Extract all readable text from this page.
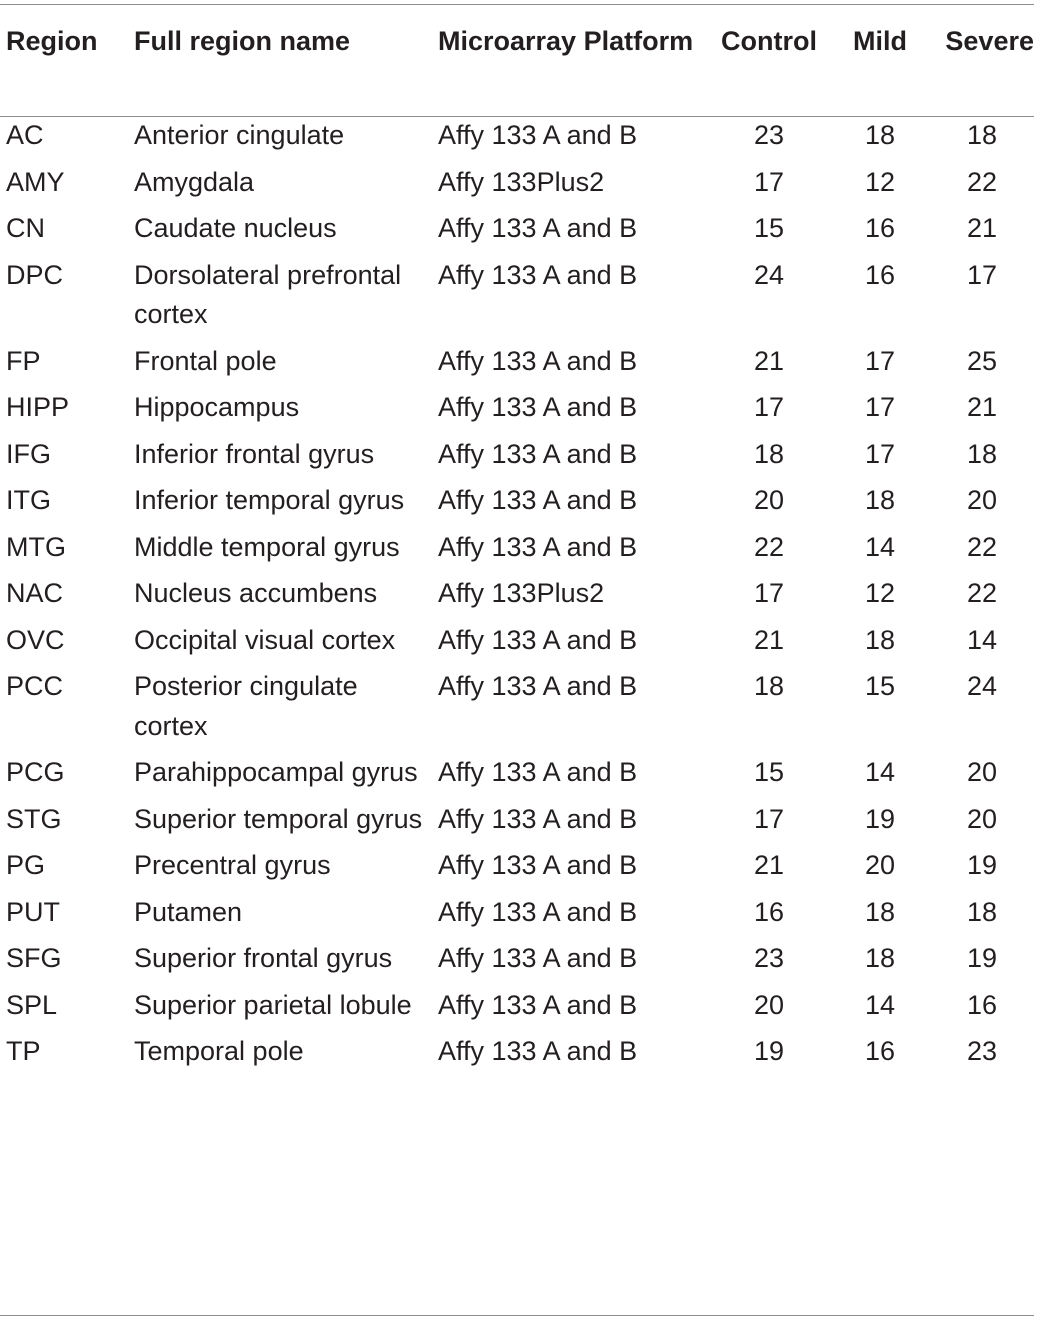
Region	Full region name	Microarray Platform	Control	Mild	Severe
AC	Anterior cingulate	Affy 133 A and B	23	18	18
AMY	Amygdala	Affy 133Plus2	17	12	22
CN	Caudate nucleus	Affy 133 A and B	15	16	21
DPC	Dorsolateral prefrontal cortex	Affy 133 A and B	24	16	17
FP	Frontal pole	Affy 133 A and B	21	17	25
HIPP	Hippocampus	Affy 133 A and B	17	17	21
IFG	Inferior frontal gyrus	Affy 133 A and B	18	17	18
ITG	Inferior temporal gyrus	Affy 133 A and B	20	18	20
MTG	Middle temporal gyrus	Affy 133 A and B	22	14	22
NAC	Nucleus accumbens	Affy 133Plus2	17	12	22
OVC	Occipital visual cortex	Affy 133 A and B	21	18	14
PCC	Posterior cingulate cortex	Affy 133 A and B	18	15	24
PCG	Parahippocampal gyrus	Affy 133 A and B	15	14	20
STG	Superior temporal gyrus	Affy 133 A and B	17	19	20
PG	Precentral gyrus	Affy 133 A and B	21	20	19
PUT	Putamen	Affy 133 A and B	16	18	18
SFG	Superior frontal gyrus	Affy 133 A and B	23	18	19
SPL	Superior parietal lobule	Affy 133 A and B	20	14	16
TP	Temporal pole	Affy 133 A and B	19	16	23
